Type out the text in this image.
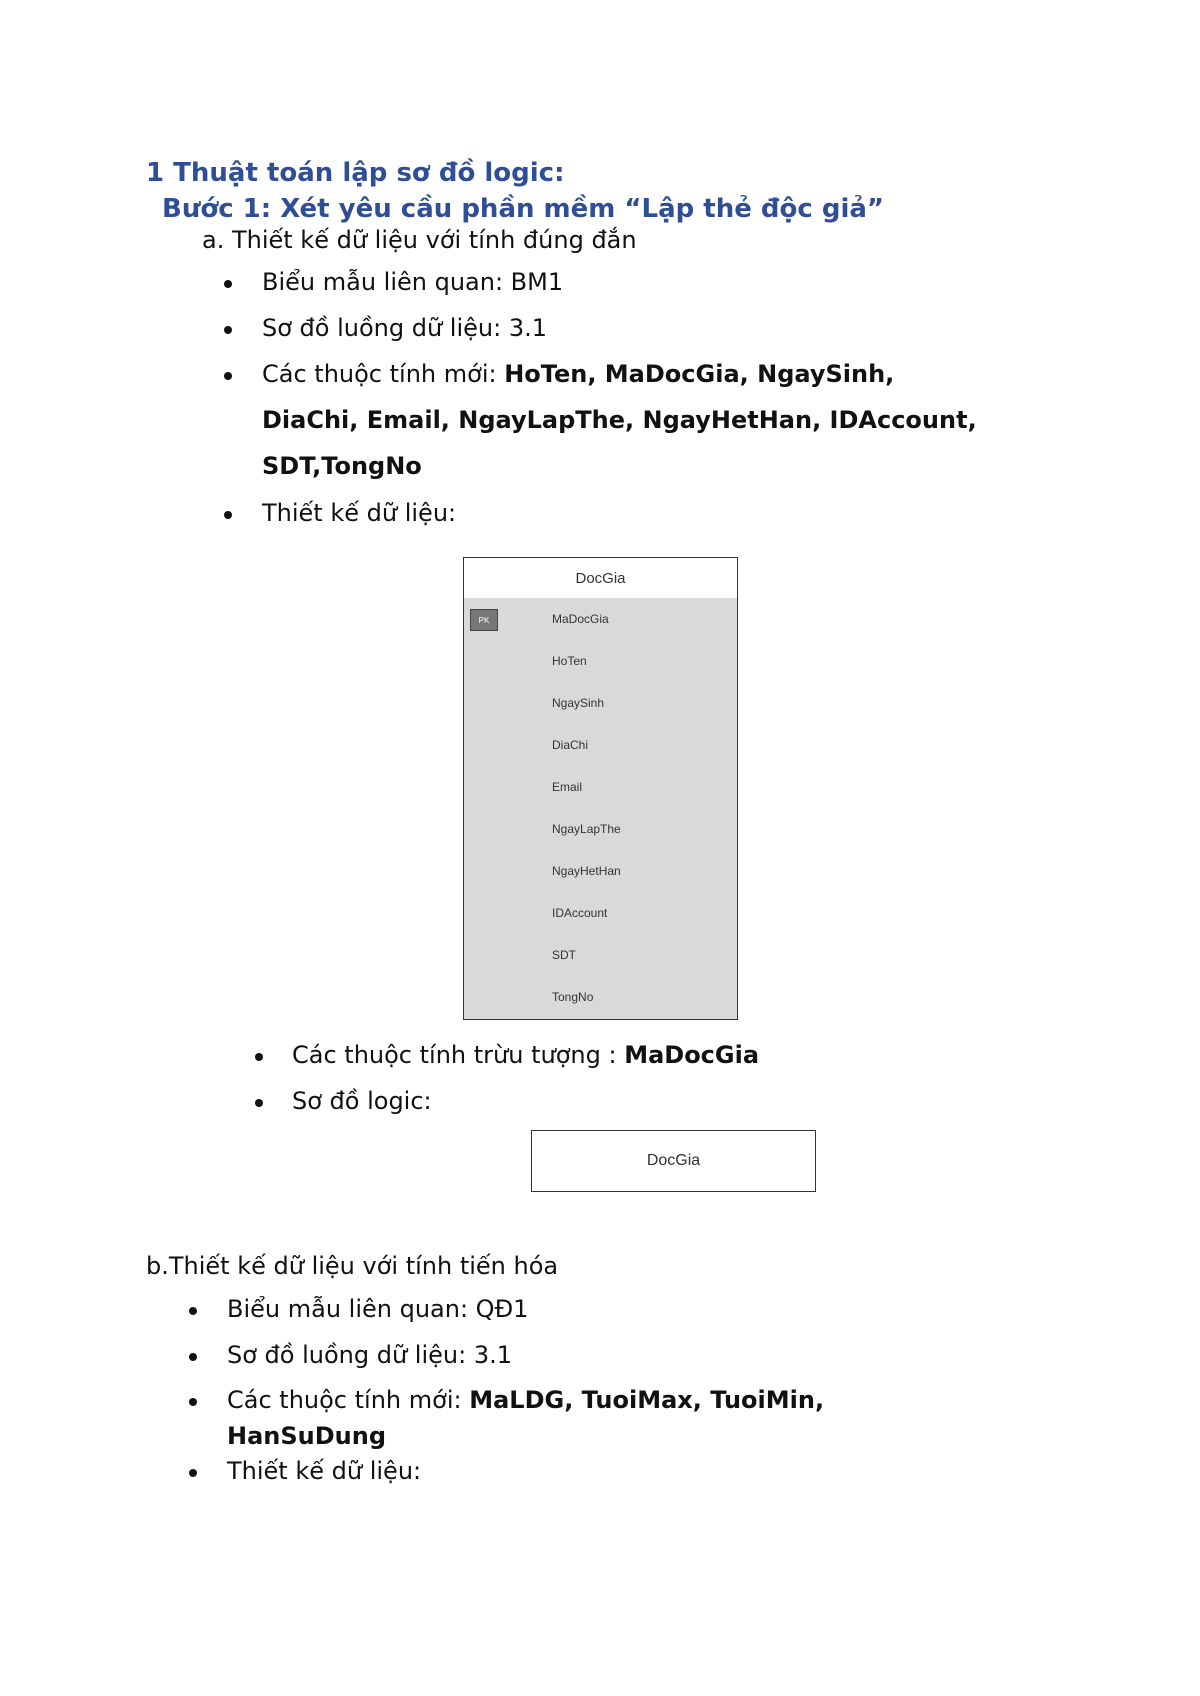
1 Thuật toán lập sơ đồ logic:
Bước 1: Xét yêu cầu phần mềm “Lập thẻ độc giả”
a. Thiết kế dữ liệu với tính đúng đắn
Biểu mẫu liên quan: BM1
Sơ đồ luồng dữ liệu: 3.1
Các thuộc tính mới: HoTen, MaDocGia, NgaySinh,
DiaChi, Email, NgayLapThe, NgayHetHan, IDAccount,
SDT,TongNo
Thiết kế dữ liệu:
DocGia
PK	MaDocGia
HoTen
NgaySinh
DiaChi
Email
NgayLapThe
NgayHetHan
IDAccount
SDT
TongNo
Các thuộc tính trừu tượng : MaDocGia
Sơ đồ logic:
DocGia
b.Thiết kế dữ liệu với tính tiến hóa
Biểu mẫu liên quan: QĐ1
Sơ đồ luồng dữ liệu: 3.1
Các thuộc tính mới: MaLDG, TuoiMax, TuoiMin,
HanSuDung
Thiết kế dữ liệu:
